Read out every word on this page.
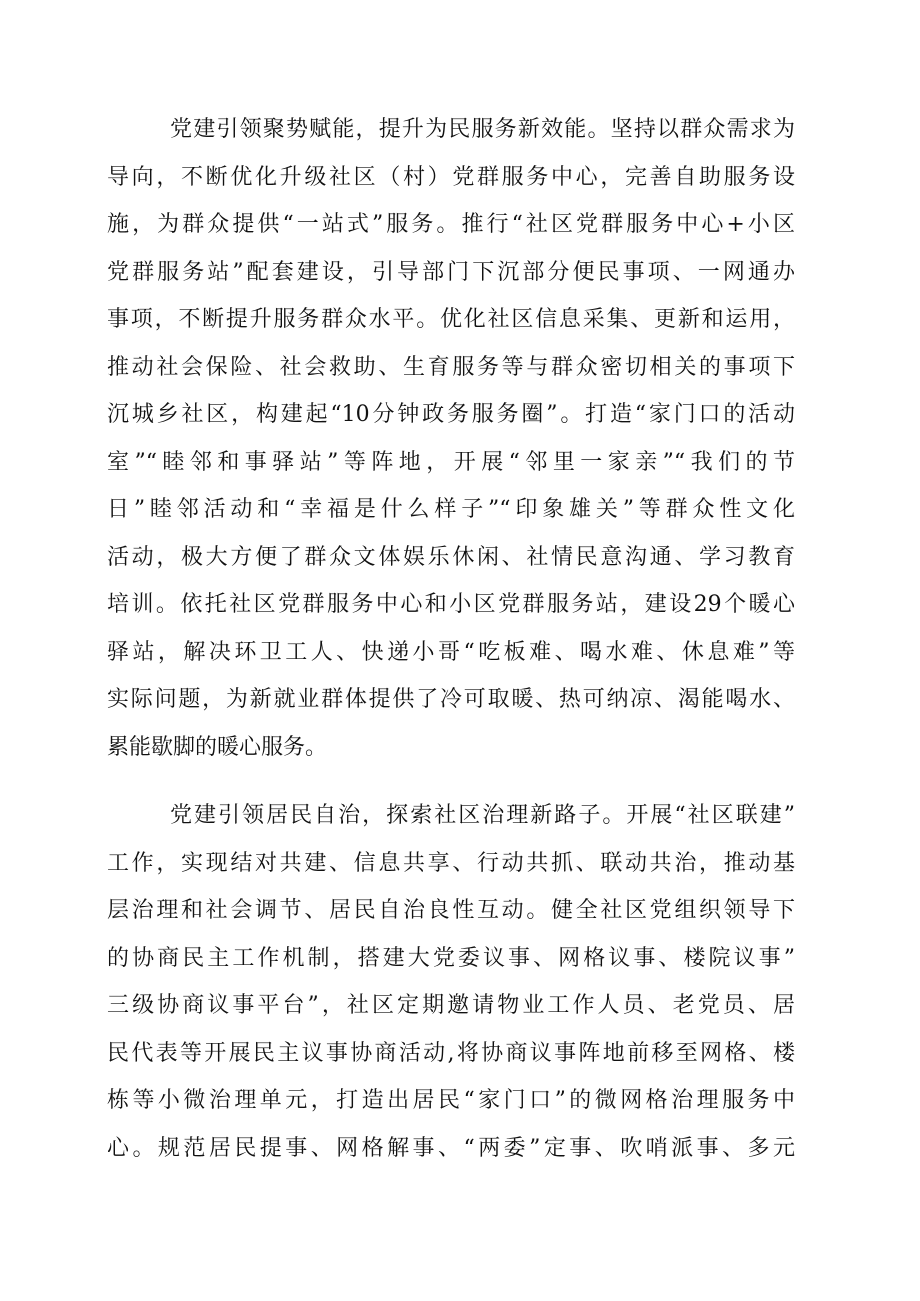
党建引领聚势赋能，提升为民服务新效能。坚持以群众需求为
导向，不断优化升级社区（村）党群服务中心，完善自助服务设
施，为群众提供“一站式”服务。推行“社区党群服务中心+小区
党群服务站”配套建设，引导部门下沉部分便民事项、一网通办
事项，不断提升服务群众水平。优化社区信息采集、更新和运用，
推动社会保险、社会救助、生育服务等与群众密切相关的事项下
沉城乡社区，构建起“10分钟政务服务圈”。打造“家门口的活动
室”“睦邻和事驿站”等阵地，开展“邻里一家亲”“我们的节
日”睦邻活动和“幸福是什么样子”“印象雄关”等群众性文化
活动，极大方便了群众文体娱乐休闲、社情民意沟通、学习教育
培训。依托社区党群服务中心和小区党群服务站，建设29个暖心
驿站，解决环卫工人、快递小哥“吃板难、喝水难、休息难”等
实际问题，为新就业群体提供了冷可取暖、热可纳凉、渴能喝水、
累能歇脚的暖心服务。
党建引领居民自治，探索社区治理新路子。开展“社区联建”
工作，实现结对共建、信息共享、行动共抓、联动共治，推动基
层治理和社会调节、居民自治良性互动。健全社区党组织领导下
的协商民主工作机制，搭建大党委议事、网格议事、楼院议事”
三级协商议事平台”，社区定期邀请物业工作人员、老党员、居
民代表等开展民主议事协商活动,将协商议事阵地前移至网格、楼
栋等小微治理单元，打造出居民“家门口”的微网格治理服务中
心。规范居民提事、网格解事、“两委”定事、吹哨派事、多元
